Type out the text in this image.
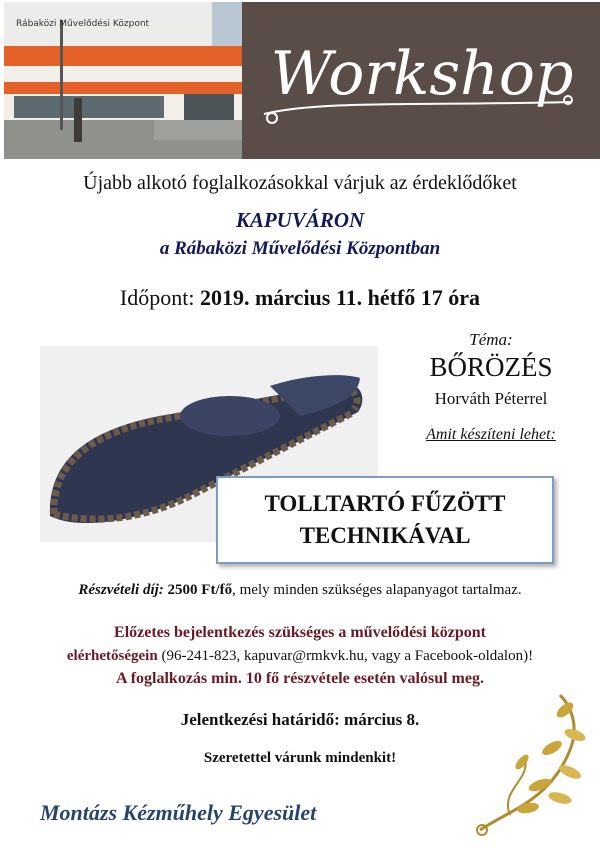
Rábaközi Művelődési Központ
Workshop
Újabb alkotó foglalkozásokkal várjuk az érdeklődőket
KAPUVÁRON
a Rábaközi Művelődési Központban
Időpont: 2019. március 11. hétfő 17 óra
Téma:
BŐRÖZÉS
Horváth Péterrel
Amit készíteni lehet:
TOLLTARTÓ FŰZÖTT
TECHNIKÁVAL
Részvételi díj: 2500 Ft/fő, mely minden szükséges alapanyagot tartalmaz.
Előzetes bejelentkezés szükséges a művelődési központ
elérhetőségein (96-241-823, kapuvar@rmkvk.hu, vagy a Facebook-oldalon)!
A foglalkozás min. 10 fő részvétele esetén valósul meg.
Jelentkezési határidő: március 8.
Szeretettel várunk mindenkit!
Montázs Kézműhely Egyesület
